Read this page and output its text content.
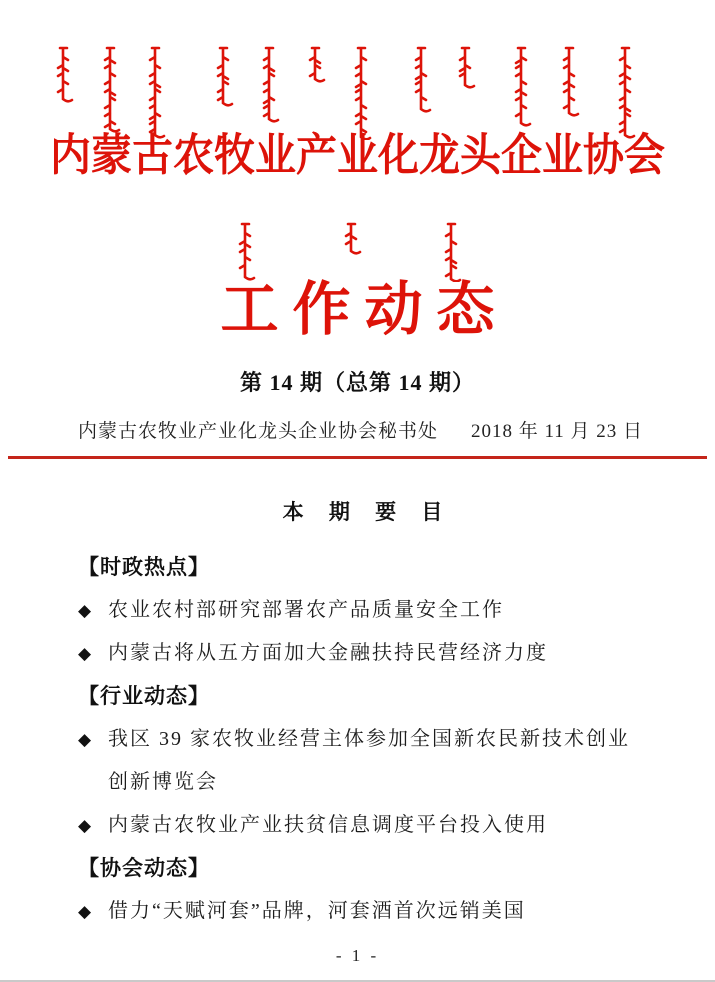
内蒙古农牧业产业化龙头企业协会
工作动态
第 14 期（总第 14 期）
内蒙古农牧业产业化龙头企业协会秘书处 2018 年 11 月 23 日
本 期 要 目
【时政热点】
◆ 农业农村部研究部署农产品质量安全工作
◆ 内蒙古将从五方面加大金融扶持民营经济力度
【行业动态】
◆ 我区 39 家农牧业经营主体参加全国新农民新技术创业创新博览会
◆ 内蒙古农牧业产业扶贫信息调度平台投入使用
【协会动态】
◆ 借力“天赋河套”品牌，河套酒首次远销美国
- 1 -
